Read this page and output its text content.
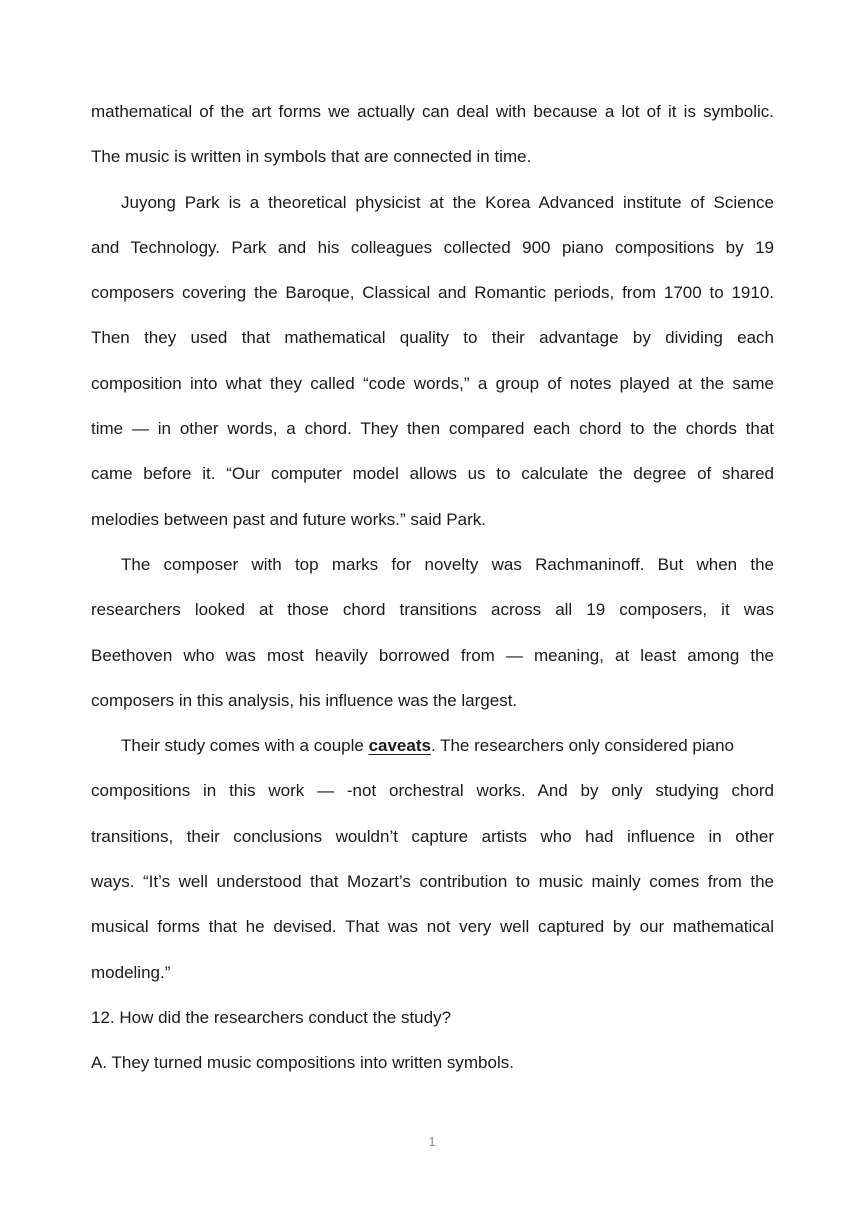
mathematical of the art forms we actually can deal with because a lot of it is symbolic.
The music is written in symbols that are connected in time.
Juyong Park is a theoretical physicist at the Korea Advanced institute of Science
and Technology. Park and his colleagues collected 900 piano compositions by 19
composers covering the Baroque, Classical and Romantic periods, from 1700 to 1910.
Then they used that mathematical quality to their advantage by dividing each
composition into what they called “code words,” a group of notes played at the same
time — in other words, a chord. They then compared each chord to the chords that
came before it. “Our computer model allows us to calculate the degree of shared
melodies between past and future works.” said Park.
The composer with top marks for novelty was Rachmaninoff. But when the
researchers looked at those chord transitions across all 19 composers, it was
Beethoven who was most heavily borrowed from — meaning, at least among the
composers in this analysis, his influence was the largest.
Their study comes with a couple caveats. The researchers only considered piano
compositions in this work — -not orchestral works. And by only studying chord
transitions, their conclusions wouldn’t capture artists who had influence in other
ways. “It’s well understood that Mozart’s contribution to music mainly comes from the
musical forms that he devised. That was not very well captured by our mathematical
modeling.”
12. How did the researchers conduct the study?
A. They turned music compositions into written symbols.
1
